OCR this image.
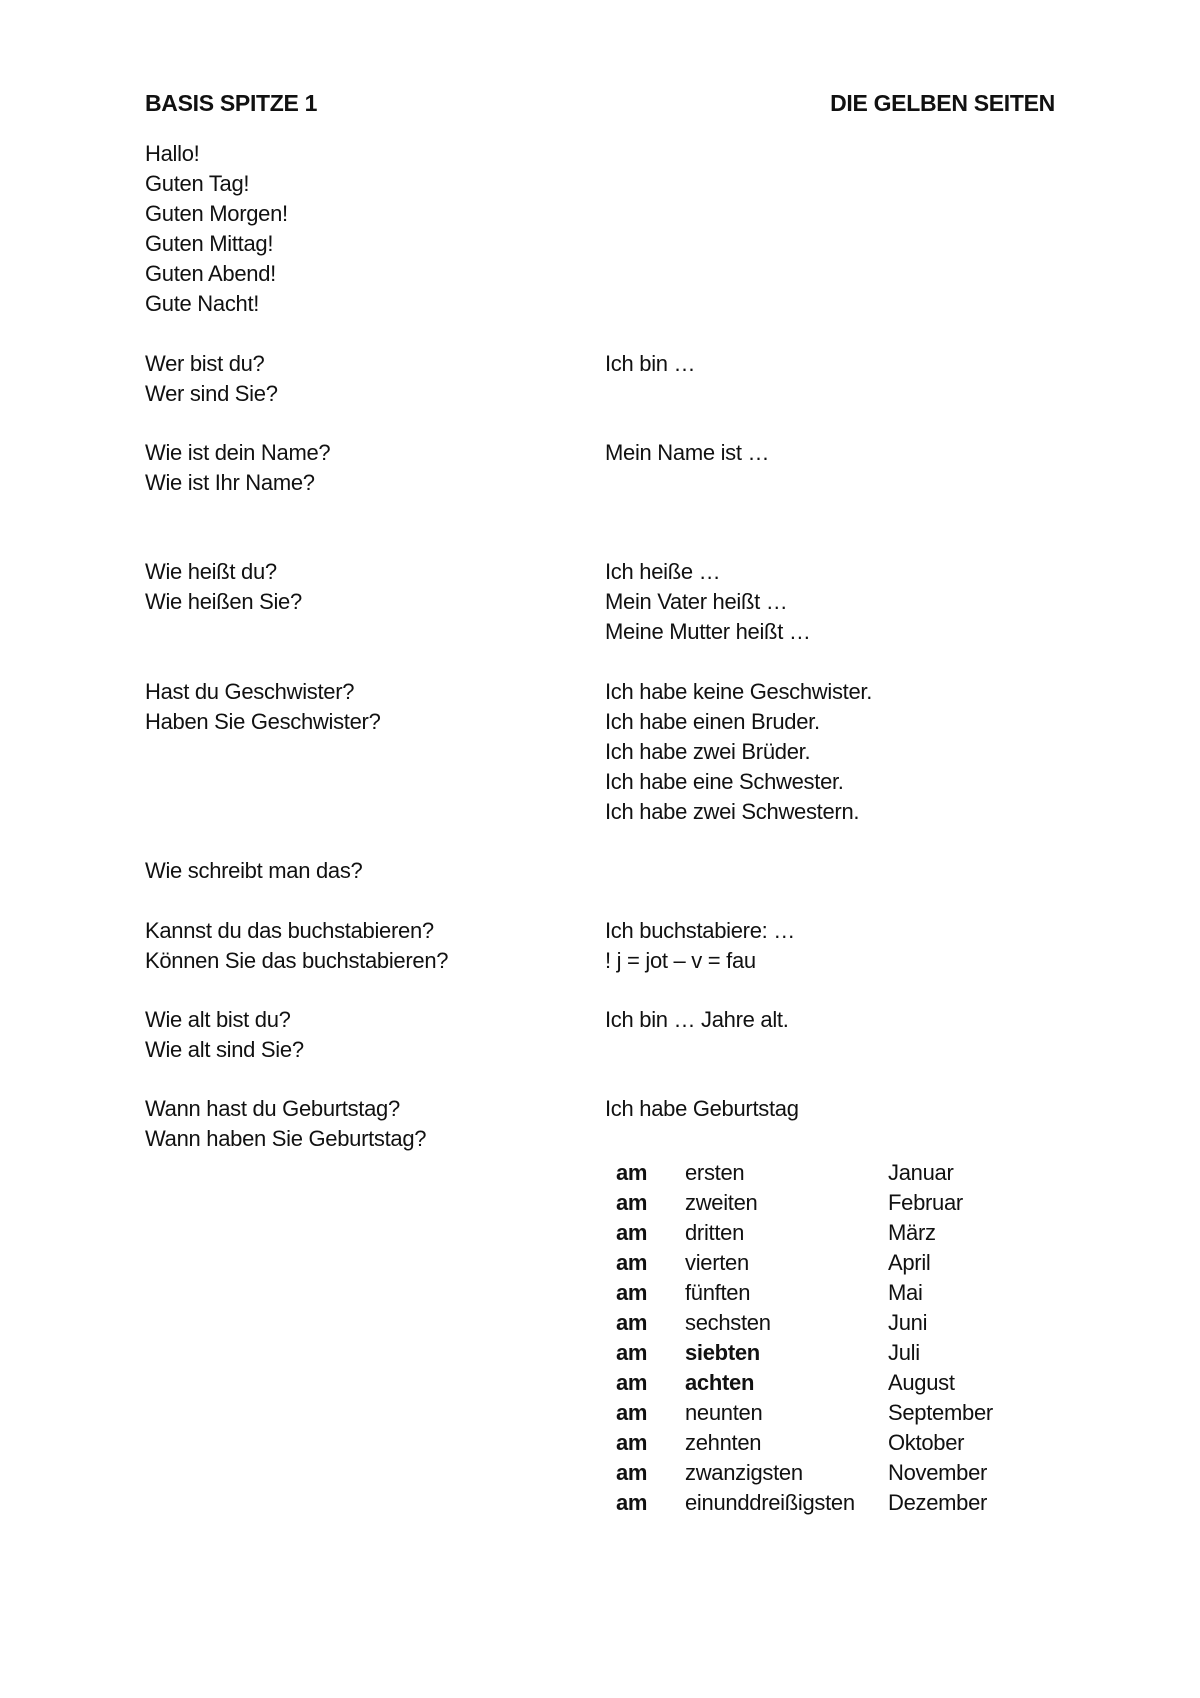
BASIS SPITZE 1	DIE GELBEN SEITEN
Hallo!
Guten Tag!
Guten Morgen!
Guten Mittag!
Guten Abend!
Gute Nacht!
Wer bist du?
Wer sind Sie?
Ich bin …
Wie ist dein Name?
Wie ist Ihr Name?
Mein Name ist …
Wie heißt du?
Wie heißen Sie?
Ich heiße …
Mein Vater heißt …
Meine Mutter heißt …
Hast du Geschwister?
Haben Sie Geschwister?
Ich habe keine Geschwister.
Ich habe einen Bruder.
Ich habe zwei Brüder.
Ich habe eine Schwester.
Ich habe zwei Schwestern.
Wie schreibt man das?
Kannst du das buchstabieren?
Können Sie das buchstabieren?
Ich buchstabiere: …
! j = jot – v = fau
Wie alt bist du?
Wie alt sind Sie?
Ich bin … Jahre alt.
Wann hast du Geburtstag?
Wann haben Sie Geburtstag?
Ich habe Geburtstag
am ersten	Januar
am zweiten	Februar
am dritten	März
am vierten	April
am fünften	Mai
am sechsten	Juni
am siebten	Juli
am achten	August
am neunten	September
am zehnten	Oktober
am zwanzigsten	November
am einunddreißigsten Dezember
